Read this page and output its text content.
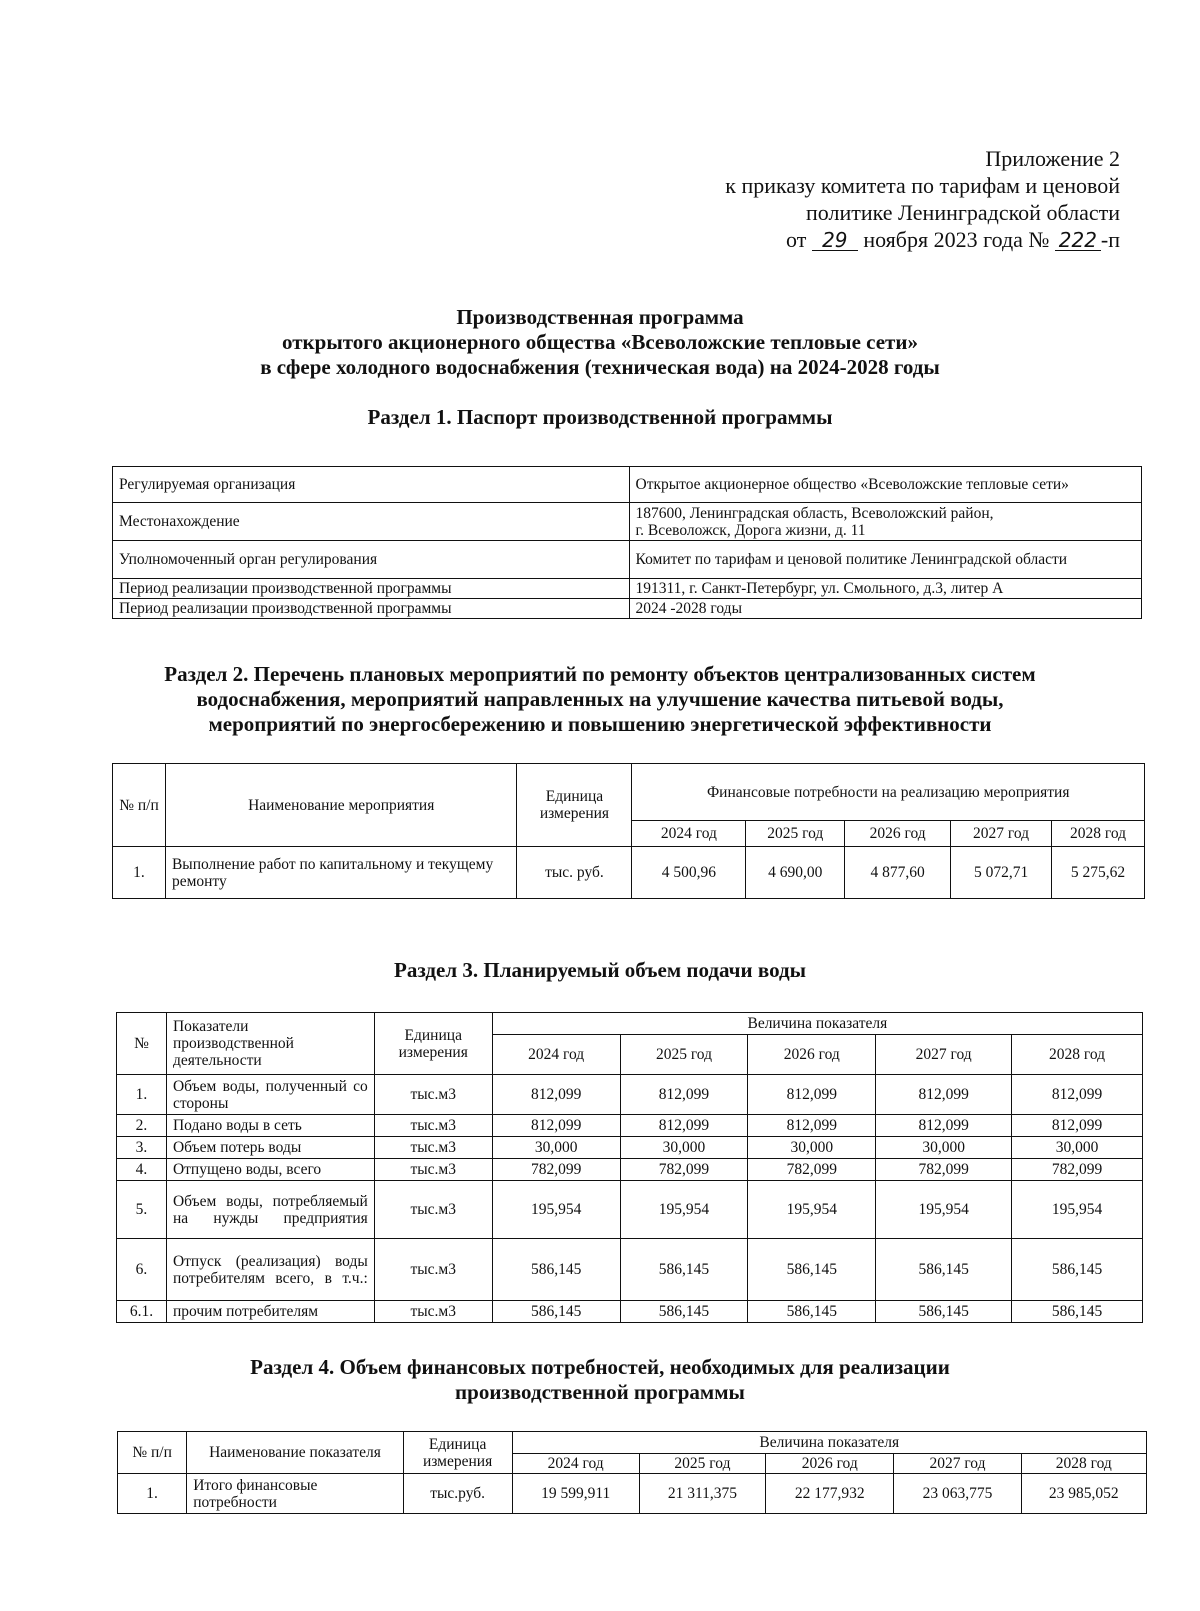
Приложение 2
к приказу комитета по тарифам и ценовой
политике Ленинградской области
от 29 ноября 2023 года № 222 -п
Производственная программа
открытого акционерного общества «Всеволожские тепловые сети»
в сфере холодного водоснабжения (техническая вода) на 2024-2028 годы
Раздел 1. Паспорт производственной программы
Регулируемая организация	Открытое акционерное общество «Всеволожские тепловые сети»
Местонахождение	187600, Ленинградская область, Всеволожский район,
г. Всеволожск, Дорога жизни, д. 11

Уполномоченный орган регулирования	Комитет по тарифам и ценовой политике Ленинградской области
Период реализации производственной программы	191311, г. Санкт-Петербург, ул. Смольного, д.3, литер А
Период реализации производственной программы	2024 -2028 годы
Раздел 2. Перечень плановых мероприятий по ремонту объектов централизованных систем
водоснабжения, мероприятий направленных на улучшение качества питьевой воды,
мероприятий по энергосбережению и повышению энергетической эффективности
№ п/п	Наименование мероприятия	Единица измерения	Финансовые потребности на реализацию мероприятия				
			2024 год	2025 год	2026 год	2027 год	2028 год
1.	Выполнение работ по капитальному и текущему ремонту	тыс. руб.	4 500,96	4 690,00	4 877,60	5 072,71	5 275,62
Раздел 3. Планируемый объем подачи воды
№	Показатели производственной деятельности	Единица измерения	Величина показателя				
			2024 год	2025 год	2026 год	2027 год	2028 год
1.	Объем воды, полученный со стороны	тыс.м3	812,099	812,099	812,099	812,099	812,099
2.	Подано воды в сеть	тыс.м3	812,099	812,099	812,099	812,099	812,099
3.	Объем потерь воды	тыс.м3	30,000	30,000	30,000	30,000	30,000
4.	Отпущено воды, всего	тыс.м3	782,099	782,099	782,099	782,099	782,099
5.	Объем воды, потребляемый на нужды предприятия	тыс.м3	195,954	195,954	195,954	195,954	195,954
6.	Отпуск (реализация) воды потребителям всего, в т.ч.:	тыс.м3	586,145	586,145	586,145	586,145	586,145
6.1.	прочим потребителям	тыс.м3	586,145	586,145	586,145	586,145	586,145
Раздел 4. Объем финансовых потребностей, необходимых для реализации
производственной программы
№ п/п	Наименование показателя	Единица измерения	Величина показателя				
			2024 год	2025 год	2026 год	2027 год	2028 год
1.	Итого финансовые потребности	тыс.руб.	19 599,911	21 311,375	22 177,932	23 063,775	23 985,052
